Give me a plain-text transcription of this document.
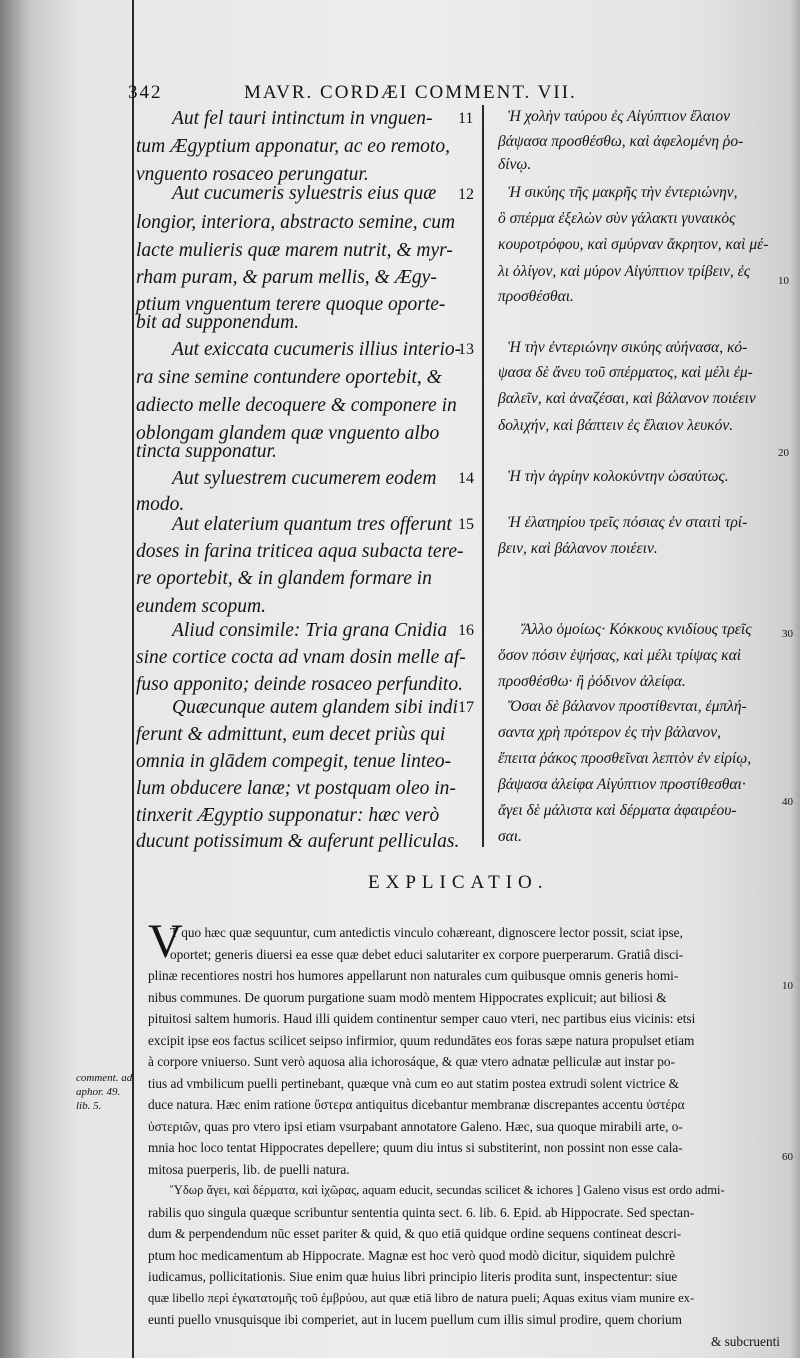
342	MAVR. CORDÆI COMMENT. VII.
Aut fel tauri intinctum in vnguen-
tum Ægyptium apponatur, ac eo remoto,
vnguento rosaceo perungatur.
Aut cucumeris syluestris eius quæ
longior, interiora, abstracto semine, cum
lacte mulieris quæ marem nutrit, & myr-
rham puram, & parum mellis, & Ægy-
ptium vnguentum terere quoque oporte-
bit ad supponendum.
Aut exiccata cucumeris illius interio-
ra sine semine contundere oportebit, &
adiecto melle decoquere & componere in
oblongam glandem quæ vnguento albo
tincta supponatur.
Aut syluestrem cucumerem eodem
modo.
Aut elaterium quantum tres offerunt
doses in farina triticea aqua subacta tere-
re oportebit, & in glandem formare in
eundem scopum.
Aliud consimile: Tria grana Cnidia
sine cortice cocta ad vnam dosin melle af-
fuso apponito; deinde rosaceo perfundito.
Quæcunque autem glandem sibi indi
ferunt & admittunt, eum decet priùs qui
omnia in glādem compegit, tenue linteo-
lum obducere lanæ; vt postquam oleo in-
tinxerit Ægyptio supponatur: hæc verò
ducunt potissimum & auferunt pelliculas.
11
12
13
14
15
16
17
Ἡ χολὴν ταύρου ἐς Αἰγύπτιον ἔλαιον
βάψασα προσθέσθω, καὶ ἀφελομένη ῥο-
δίνῳ.
Ἡ σικύης τῆς μακρῆς τὴν ἐντεριώνην,
ὃ σπέρμα ἐξελὼν σὺν γάλακτι γυναικὸς
κουροτρόφου, καὶ σμύρναν ἄκρητον, καὶ μέ-
λι ὀλίγον, καὶ μύρον Αἰγύπτιον τρίβειν, ἐς
προσθέσθαι.
Ἡ τὴν ἐντεριώνην σικύης αὐήνασα, κό-
ψασα δὲ ἄνευ τοῦ σπέρματος, καὶ μέλι ἐμ-
βαλεῖν, καὶ ἀναζέσαι, καὶ βάλανον ποιέειν
δολιχήν, καὶ βάπτειν ἐς ἔλαιον λευκόν.
Ἡ τὴν ἀγρίην κολοκύντην ὡσαύτως.
Ἡ ἐλατηρίου τρεῖς πόσιας ἐν σταιτὶ τρί-
βειν, καὶ βάλανον ποιέειν.
Ἄλλο ὁμοίως· Κόκκους κνιδίους τρεῖς
ὅσον πόσιν ἑψήσας, καὶ μέλι τρίψας καὶ
προσθέσθω· ἢ ῥόδινον ἀλείφα.
Ὅσαι δὲ βάλανον προστίθενται, ἐμπλή-
σαντα χρὴ πρότερον ἐς τὴν βάλανον,
ἔπειτα ῥάκος προσθεῖναι λεπτὸν ἐν εἰρίῳ,
βάψασα ἀλείφα Αἰγύπτιον προστίθεσθαι·
ἄγει δὲ μάλιστα καὶ δέρματα ἀφαιρέου-
σαι.
10
20
30
40
10
60
EXPLICATIO.
V
T quo hæc quæ sequuntur, cum antedictis vinculo cohæreant, dignoscere lector possit, sciat ipse,
oportet; generis diuersi ea esse quæ debet educi salutariter ex corpore puerperarum. Gratiâ disci-
plinæ recentiores nostri hos humores appellarunt non naturales cum quibusque omnis generis homi-
nibus communes. De quorum purgatione suam modò mentem Hippocrates explicuit; aut biliosi &
pituitosi saltem humoris. Haud illi quidem continentur semper cauo vteri, nec partibus eius vicinis: etsi
excipit ipse eos factus scilicet seipso infirmior, quum redundātes eos foras sæpe natura propulset etiam
à corpore vniuerso. Sunt verò aquosa alia ichorosáque, & quæ vtero adnatæ pelliculæ aut instar po-
tius ad vmbilicum puelli pertinebant, quæque vnà cum eo aut statim postea extrudi solent victrice &
duce natura. Hæc enim ratione ὕστερα antiquitus dicebantur membranæ discrepantes accentu ὑστέρα
ὑστεριῶν, quas pro vtero ipsi etiam vsurpabant annotatore Galeno. Hæc, sua quoque mirabili arte, o-
mnia hoc loco tentat Hippocrates depellere; quum diu intus si substiterint, non possint non esse cala-
mitosa puerperis, lib. de puelli natura.
Ὕδωρ ἄγει, καὶ δέρματα, καὶ ἰχῶρας, aquam educit, secundas scilicet & ichores ] Galeno visus est ordo admi-
rabilis quo singula quæque scribuntur sententia quinta sect. 6. lib. 6. Epid. ab Hippocrate. Sed spectan-
dum & perpendendum nūc esset pariter & quid, & quo etiā quidque ordine sequens contineat descri-
ptum hoc medicamentum ab Hippocrate. Magnæ est hoc verò quod modò dicitur, siquidem pulchrè
iudicamus, pollicitationis. Siue enim quæ huius libri principio literis prodita sunt, inspectentur: siue
quæ libello περὶ ἐγκατατομῆς τοῦ ἐμβρύου, aut quæ etiā libro de natura pueli; Aquas exitus viam munire ex-
eunti puello vnusquisque ibi comperiet, aut in lucem puellum cum illis simul prodire, quem chorium
& subcruenti
comment. ad
aphor. 49.
lib. 5.
